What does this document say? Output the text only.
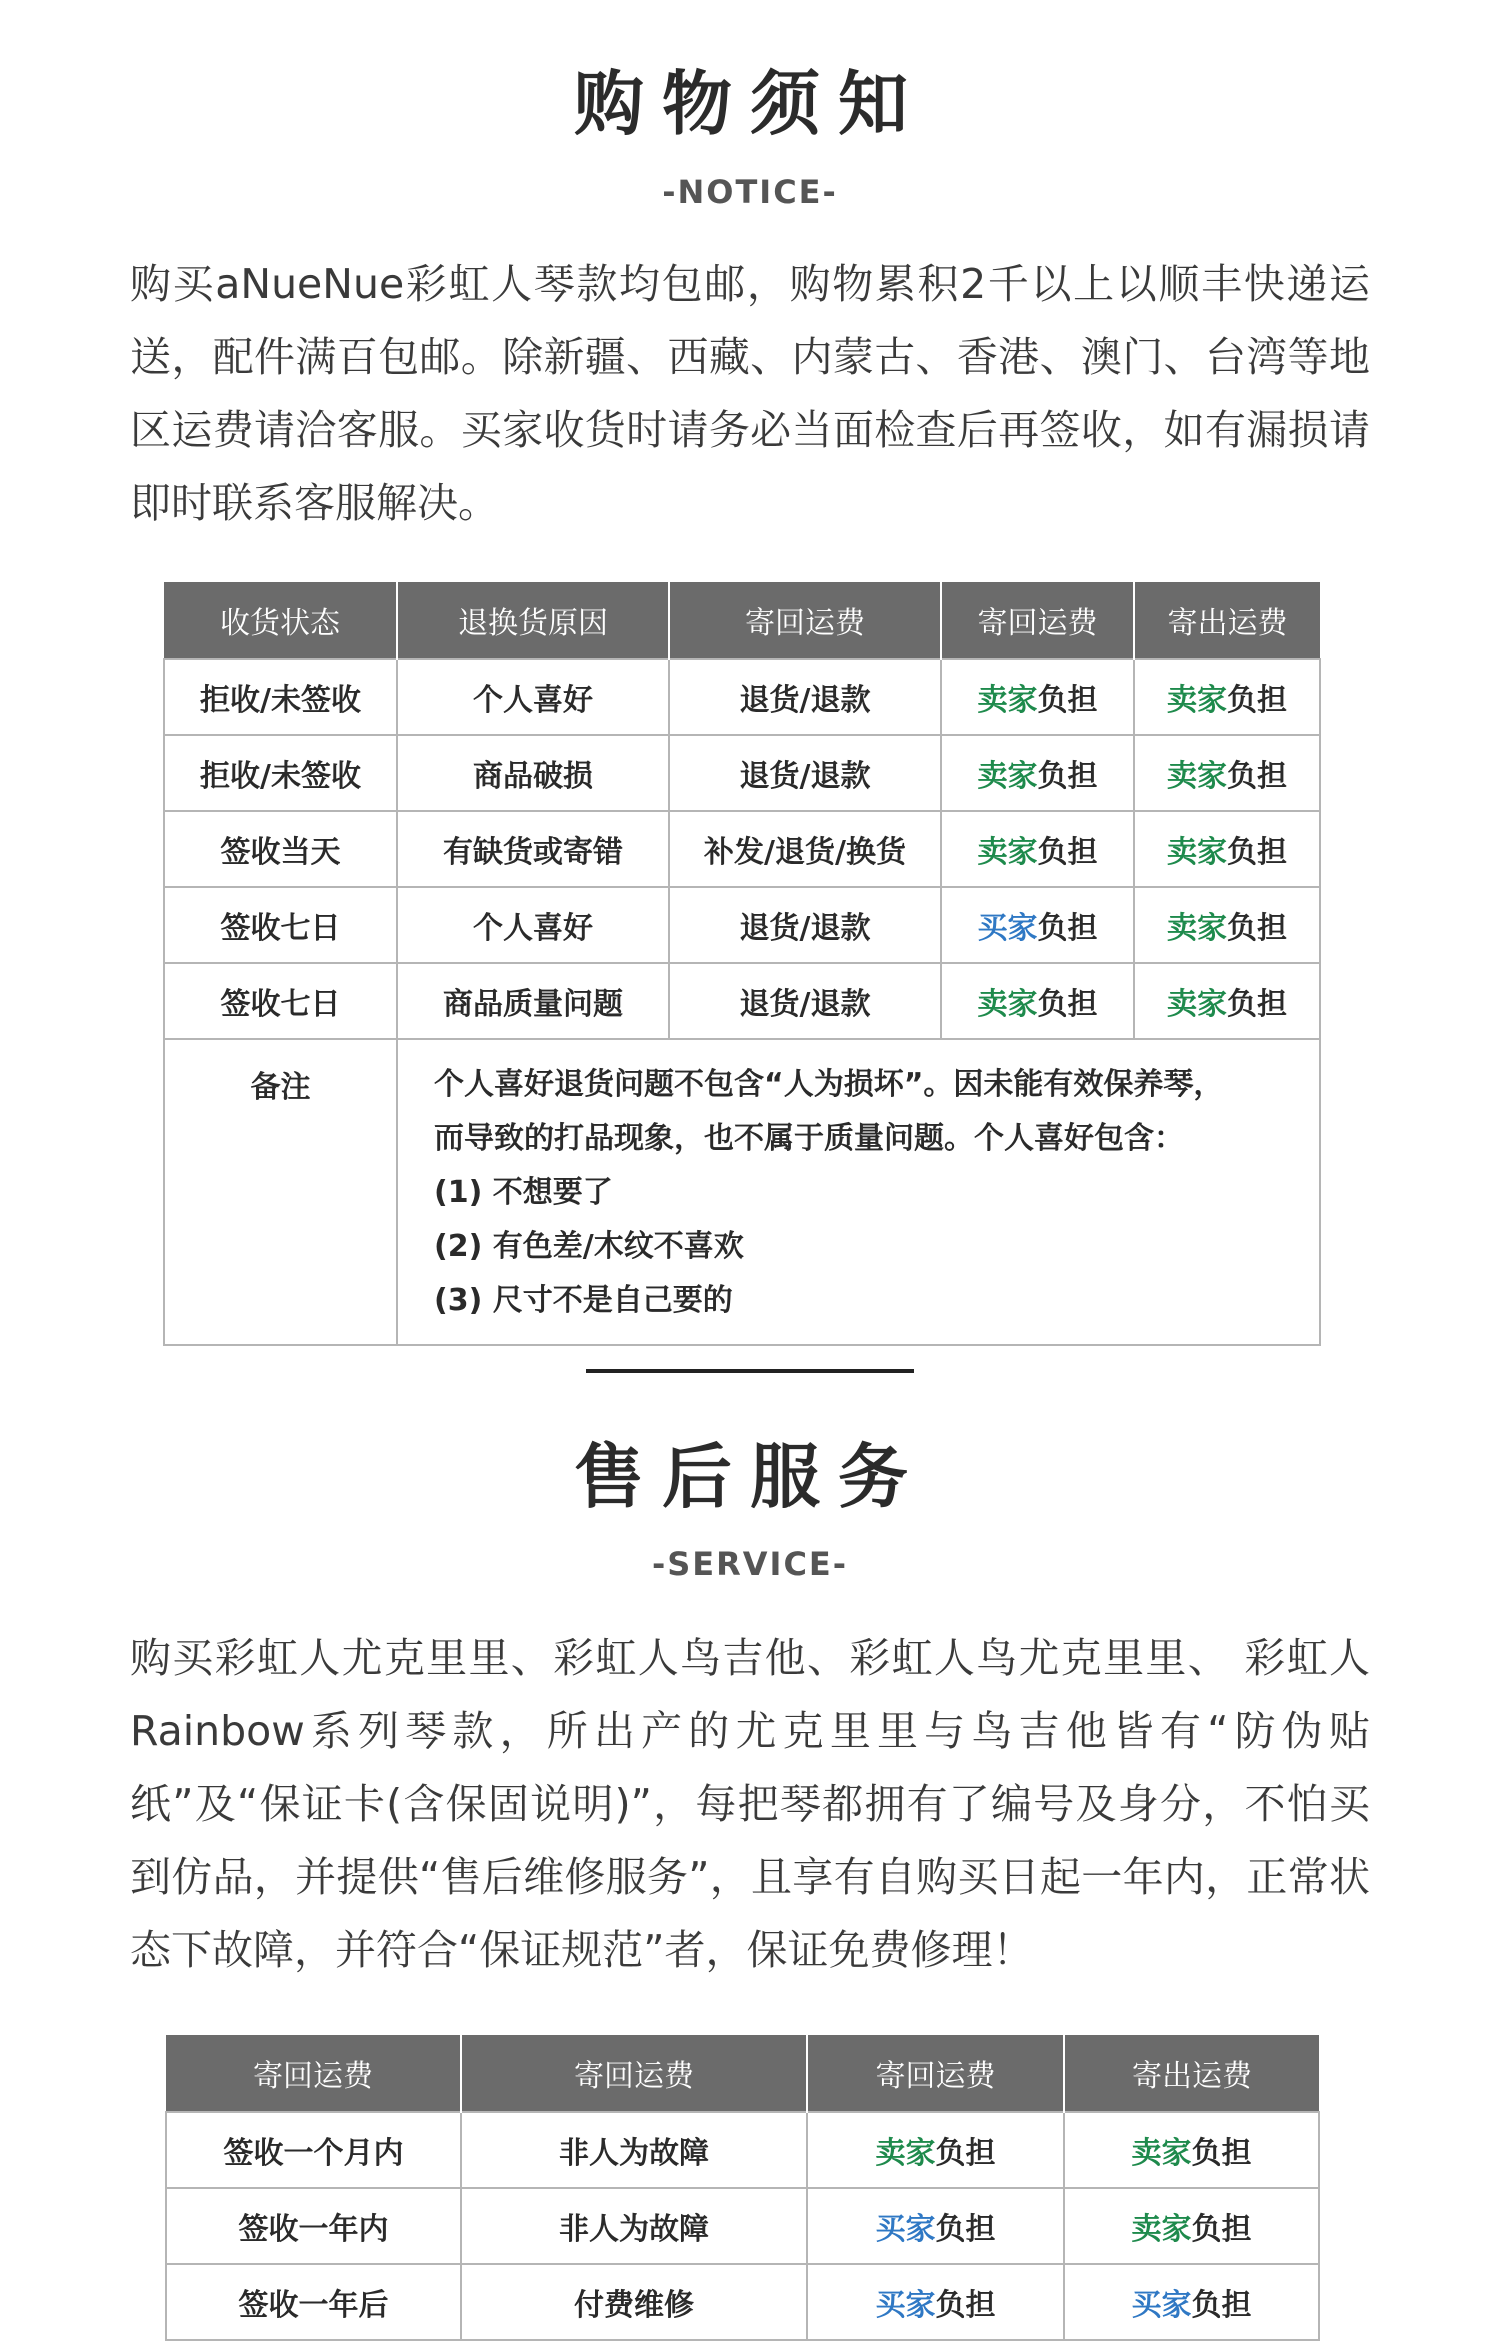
购物须知
-NOTICE-

购买aNueNue彩虹人琴款均包邮，购物累积2千以上以顺丰快递运送，配件满百包邮。除新疆、西藏、内蒙古、香港、澳门、台湾等地区运费请洽客服。买家收货时请务必当面检查后再签收，如有漏损请即时联系客服解决。

收货状态	退换货原因	寄回运费	寄回运费	寄出运费
拒收/未签收	个人喜好	退货/退款	卖家负担	卖家负担
拒收/未签收	商品破损	退货/退款	卖家负担	卖家负担
签收当天	有缺货或寄错	补发/退货/换货	卖家负担	卖家负担
签收七日	个人喜好	退货/退款	买家负担	卖家负担
签收七日	商品质量问题	退货/退款	卖家负担	卖家负担
备注	个人喜好退货问题不包含“人为损坏”。因未能有效保养琴，
而导致的打品现象，也不属于质量问题。个人喜好包含：
(1) 不想要了
(2) 有色差/木纹不喜欢
(3) 尺寸不是自己要的			
售后服务
-SERVICE-

购买彩虹人尤克里里、彩虹人鸟吉他、彩虹人鸟尤克里里、 彩虹人Rainbow系列琴款，所出产的尤克里里与鸟吉他皆有“防伪贴纸”及“保证卡(含保固说明)”，每把琴都拥有了编号及身分，不怕买到仿品，并提供“售后维修服务”，且享有自购买日起一年内，正常状态下故障，并符合“保证规范”者，保证免费修理！

寄回运费	寄回运费	寄回运费	寄出运费
签收一个月内	非人为故障	卖家负担	卖家负担
签收一年内	非人为故障	买家负担	卖家负担
签收一年后	付费维修	买家负担	买家负担
